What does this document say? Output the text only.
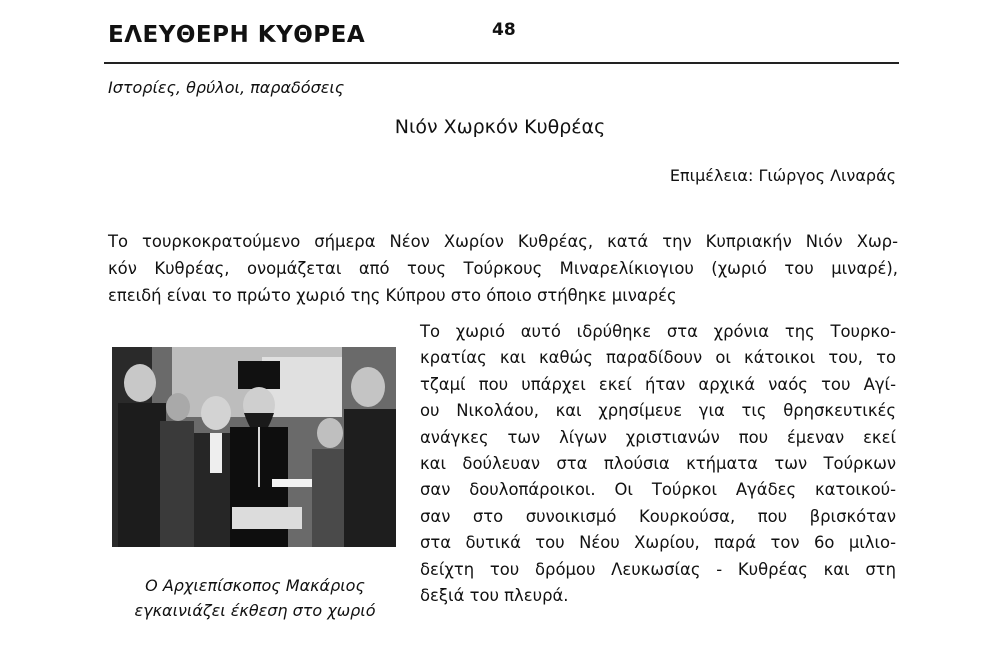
ΕΛΕΥΘΕΡΗ ΚΥΘΡΕΑ	48
Ιστορίες, θρύλοι, παραδόσεις
Νιόν Χωρκόν Κυθρέας
Επιμέλεια: Γιώργος Λιναράς
Το τουρκοκρατούμενο σήμερα Νέον Χωρίον Κυθρέας, κατά την Κυπριακήν Νιόν Χωρ-
κόν Κυθρέας, ονομάζεται από τους Τούρκους Μιναρελίκιογιου (χωριό του μιναρέ),
επειδή είναι το πρώτο χωριό της Κύπρου στο όποιο στήθηκε μιναρές
Ο Αρχιεπίσκοπος Μακάριος
εγκαινιάζει έκθεση στο χωριό
Το χωριό αυτό ιδρύθηκε στα χρόνια της Τουρκο-
κρατίας και καθώς παραδίδουν οι κάτοικοι του, το
τζαμί που υπάρχει εκεί ήταν αρχικά ναός του Αγί-
ου Νικολάου, και χρησίμευε για τις θρησκευτικές
ανάγκες των λίγων χριστιανών που έμεναν εκεί
και δούλευαν στα πλούσια κτήματα των Τούρκων
σαν δουλοπάροικοι. Οι Τούρκοι Αγάδες κατοικού-
σαν στο συνοικισμό Κουρκούσα, που βρισκόταν
στα δυτικά του Νέου Χωρίου, παρά τον 6ο μιλιο-
δείχτη του δρόμου Λευκωσίας - Κυθρέας και στη
δεξιά του πλευρά.
